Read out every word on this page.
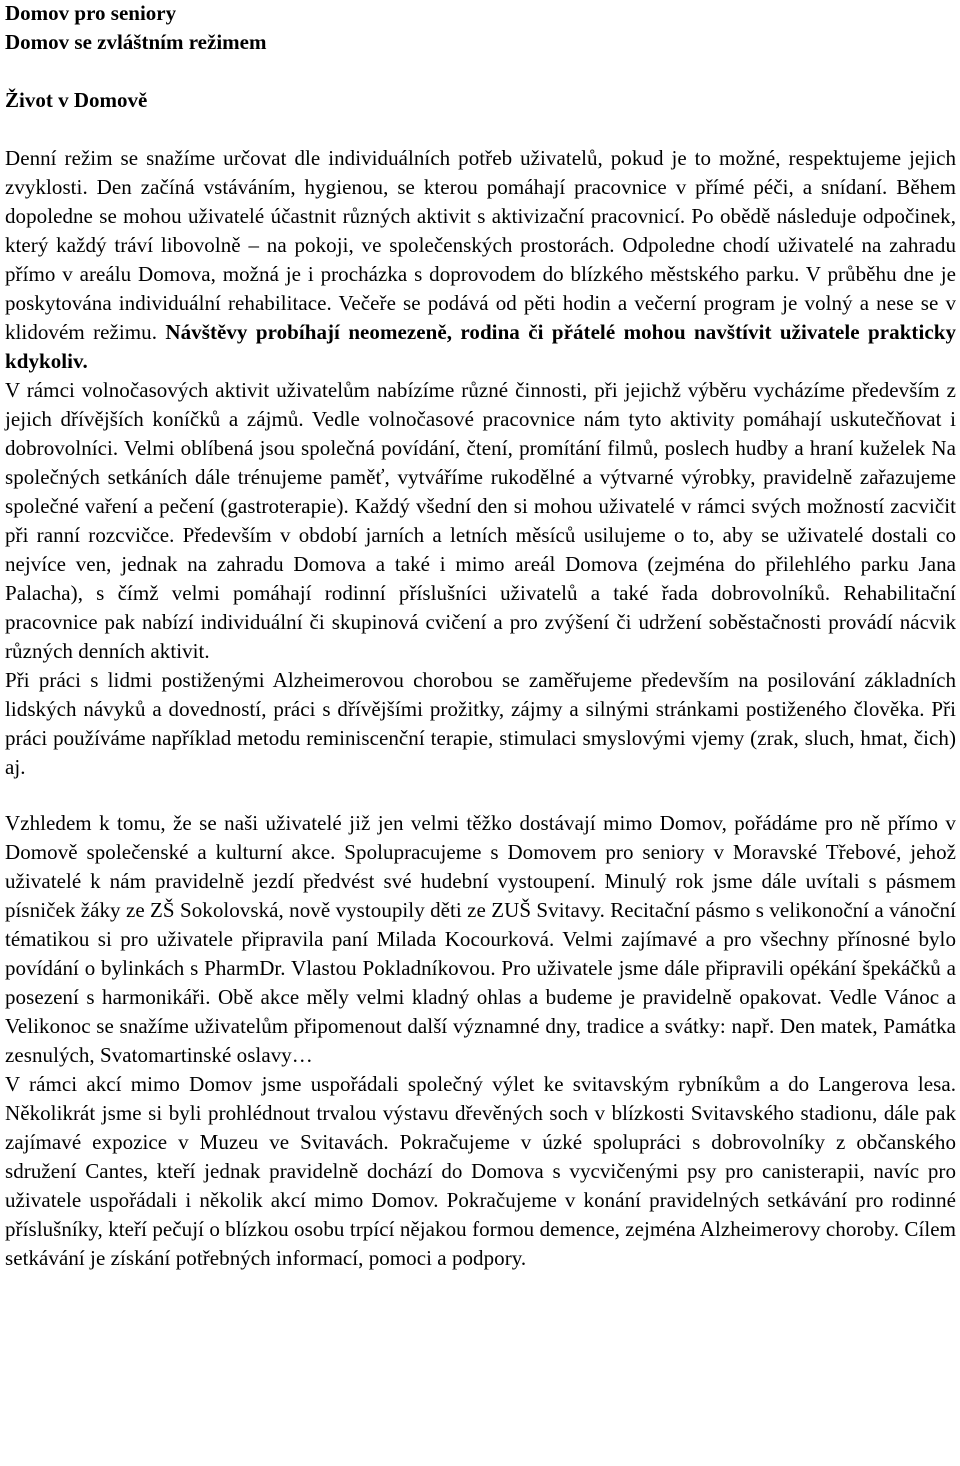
Domov pro seniory

Domov se zvláštním režimem

Život v Domově

Denní režim se snažíme určovat dle individuálních potřeb uživatelů, pokud je to možné, respektujeme jejich zvyklosti. Den začíná vstáváním, hygienou, se kterou pomáhají pracovnice v přímé péči, a snídaní. Během dopoledne se mohou uživatelé účastnit různých aktivit s aktivizační pracovnicí. Po obědě následuje odpočinek, který každý tráví libovolně – na pokoji, ve společenských prostorách. Odpoledne chodí uživatelé na zahradu přímo v areálu Domova, možná je i procházka s doprovodem do blízkého městského parku. V průběhu dne je poskytována individuální rehabilitace. Večeře se podává od pěti hodin a večerní program je volný a nese se v klidovém režimu. Návštěvy probíhají neomezeně, rodina či přátelé mohou navštívit uživatele prakticky kdykoliv.

V rámci volnočasových aktivit uživatelům nabízíme různé činnosti, při jejichž výběru vycházíme především z jejich dřívějších koníčků a zájmů. Vedle volnočasové pracovnice nám tyto aktivity pomáhají uskutečňovat i dobrovolníci. Velmi oblíbená jsou společná povídání, čtení, promítání filmů, poslech hudby a hraní kuželek Na společných setkáních dále trénujeme paměť, vytváříme rukodělné a výtvarné výrobky, pravidelně zařazujeme společné vaření a pečení (gastroterapie). Každý všední den si mohou uživatelé v rámci svých možností zacvičit při ranní rozcvičce. Především v období jarních a letních měsíců usilujeme o to, aby se uživatelé dostali co nejvíce ven, jednak na zahradu Domova a také i mimo areál Domova (zejména do přilehlého parku Jana Palacha), s čímž velmi pomáhají rodinní příslušníci uživatelů a také řada dobrovolníků. Rehabilitační pracovnice pak nabízí individuální či skupinová cvičení a pro zvýšení či udržení soběstačnosti provádí nácvik různých denních aktivit.

Při práci s lidmi postiženými Alzheimerovou chorobou se zaměřujeme především na posilování základních lidských návyků a dovedností, práci s dřívějšími prožitky, zájmy a silnými stránkami postiženého člověka. Při práci používáme například metodu reminiscenční terapie, stimulaci smyslovými vjemy (zrak, sluch, hmat, čich) aj.

Vzhledem k tomu, že se naši uživatelé již jen velmi těžko dostávají mimo Domov, pořádáme pro ně přímo v Domově společenské a kulturní akce. Spolupracujeme s Domovem pro seniory v Moravské Třebové, jehož uživatelé k nám pravidelně jezdí předvést své hudební vystoupení. Minulý rok jsme dále uvítali s pásmem písniček žáky ze ZŠ Sokolovská, nově vystoupily děti ze ZUŠ Svitavy. Recitační pásmo s velikonoční a vánoční tématikou si pro uživatele připravila paní Milada Kocourková. Velmi zajímavé a pro všechny přínosné bylo povídání o bylinkách s PharmDr. Vlastou Pokladníkovou. Pro uživatele jsme dále připravili opékání špekáčků a posezení s harmonikáři. Obě akce měly velmi kladný ohlas a budeme je pravidelně opakovat. Vedle Vánoc a Velikonoc se snažíme uživatelům připomenout další významné dny, tradice a svátky: např. Den matek, Památka zesnulých, Svatomartinské oslavy…

V rámci akcí mimo Domov jsme uspořádali společný výlet ke svitavským rybníkům a do Langerova lesa. Několikrát jsme si byli prohlédnout trvalou výstavu dřevěných soch v blízkosti Svitavského stadionu, dále pak zajímavé expozice v Muzeu ve Svitavách. Pokračujeme v úzké spolupráci s dobrovolníky z občanského sdružení Cantes, kteří jednak pravidelně dochází do Domova s vycvičenými psy pro canisterapii, navíc pro uživatele uspořádali i několik akcí mimo Domov. Pokračujeme v konání pravidelných setkávání pro rodinné příslušníky, kteří pečují o blízkou osobu trpící nějakou formou demence, zejména Alzheimerovy choroby. Cílem setkávání je získání potřebných informací, pomoci a podpory.
